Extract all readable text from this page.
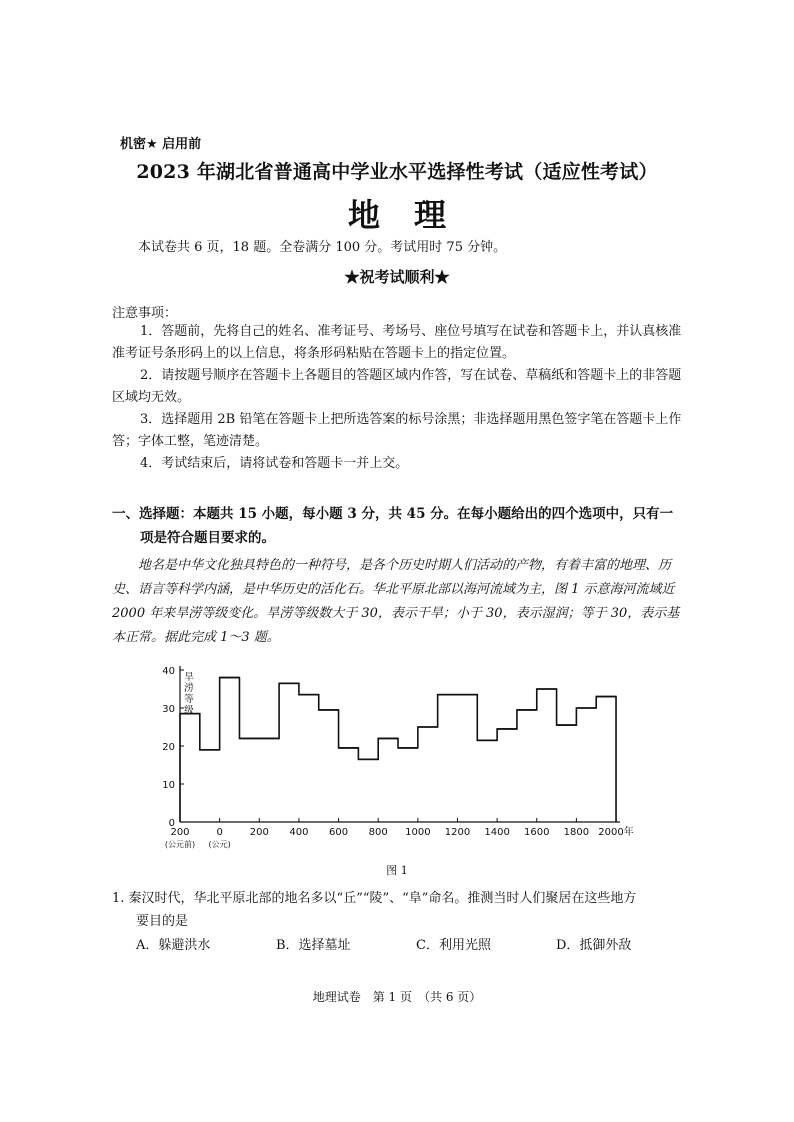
机密★ 启用前
2023 年湖北省普通高中学业水平选择性考试（适应性考试）
地理
本试卷共 6 页，18 题。全卷满分 100 分。考试用时 75 分钟。
★祝考试顺利★
注意事项：
1．答题前，先将自己的姓名、准考证号、考场号、座位号填写在试卷和答题卡上，并认真核准准考证号条形码上的以上信息，将条形码粘贴在答题卡上的指定位置。
2．请按题号顺序在答题卡上各题目的答题区域内作答，写在试卷、草稿纸和答题卡上的非答题区域均无效。
3．选择题用 2B 铅笔在答题卡上把所选答案的标号涂黑；非选择题用黑色签字笔在答题卡上作答；字体工整，笔迹清楚。
4．考试结束后，请将试卷和答题卡一并上交。
一、选择题：本题共 15 小题，每小题 3 分，共 45 分。在每小题给出的四个选项中，只有一
项是符合题目要求的。
地名是中华文化独具特色的一种符号，是各个历史时期人们活动的产物，有着丰富的地理、历史、语言等科学内涵，是中华历史的活化石。华北平原北部以海河流域为主，图 1 示意海河流域近 2000 年来旱涝等级变化。旱涝等级数大于 30，表示干旱；小于 30，表示湿润；等于 30，表示基本正常。据此完成 1～3 题。
0
10
20
30
40
200	0	200 400 600 800 1000 1200 1400 1600 1800 2000年
(公元前) (公元)
旱
涝
等
级
图 1
1. 秦汉时代，华北平原北部的地名多以“丘”“陵”、“阜”命名。推测当时人们聚居在这些地方
要目的是
A．躲避洪水	B．选择墓址	C．利用光照	D．抵御外敌
地理试卷　第 1 页　（共 6 页）
